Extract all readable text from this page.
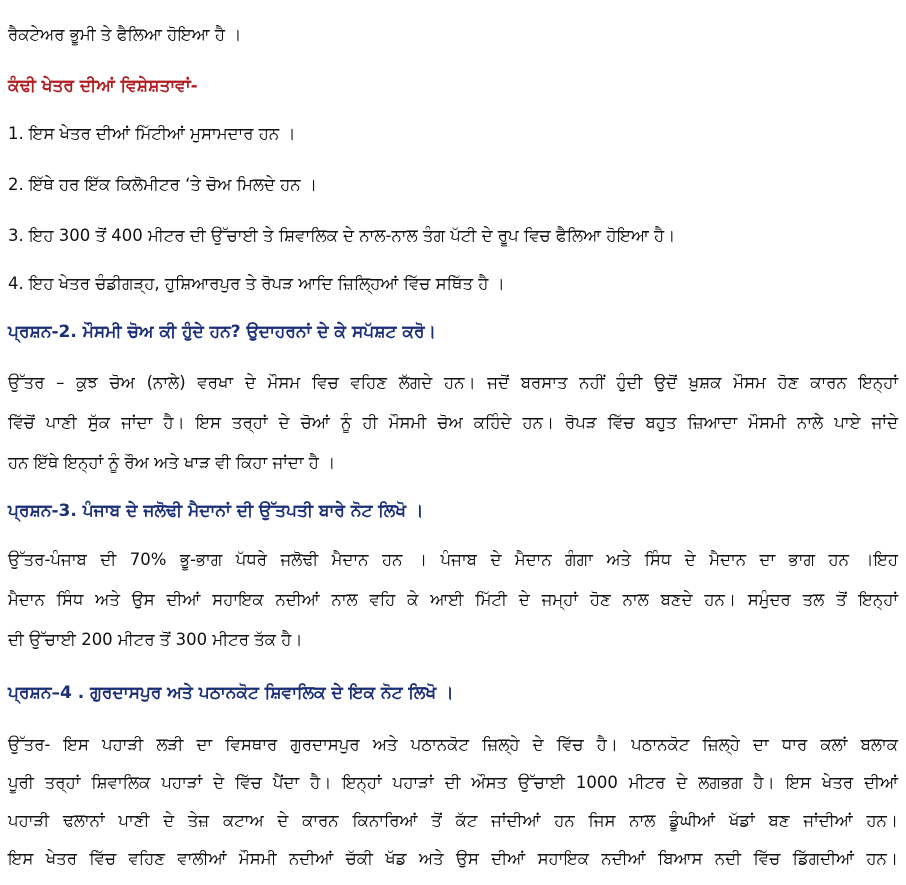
ਰੈਕਟੇਅਰ ਭੂਮੀ ਤੇ ਫੈਲਿਆ ਹੋਇਆ ਹੈ ।
ਕੰਢੀ ਖੇਤਰ ਦੀਆਂ ਵਿਸ਼ੇਸ਼ਤਾਵਾਂ-
1. ਇਸ ਖੇਤਰ ਦੀਆਂ ਮਿੱਟੀਆਂ ਮੁਸਾਮਦਾਰ ਹਨ ।
2. ਇੱਥੇ ਹਰ ਇੱਕ ਕਿਲੋਮੀਟਰ ‘ਤੇ ਚੋਅ ਮਿਲਦੇ ਹਨ ।
3. ਇਹ 300 ਤੋਂ 400 ਮੀਟਰ ਦੀ ਉੱਚਾਈ ਤੇ ਸ਼ਿਵਾਲਿਕ ਦੇ ਨਾਲ-ਨਾਲ ਤੰਗ ਪੱਟੀ ਦੇ ਰੂਪ ਵਿਚ ਫੈਲਿਆ ਹੋਇਆ ਹੈ।
4. ਇਹ ਖੇਤਰ ਚੰਡੀਗੜ੍ਹ, ਹੁਸ਼ਿਆਰਪੁਰ ਤੇ ਰੋਪੜ ਆਦਿ ਜ਼ਿਲ੍ਹਿਆਂ ਵਿੱਚ ਸਥਿੱਤ ਹੈ ।
ਪ੍ਰਸ਼ਨ-2. ਮੌਸਮੀ ਚੋਅ ਕੀ ਹੁੰਦੇ ਹਨ? ਉਦਾਹਰਨਾਂ ਦੇ ਕੇ ਸਪੱਸ਼ਟ ਕਰੋ।
ਉੱਤਰ – ਕੁਝ ਚੋਅ (ਨਾਲੇ) ਵਰਖਾ ਦੇ ਮੌਸਮ ਵਿਚ ਵਹਿਣ ਲੱਗਦੇ ਹਨ। ਜਦੋਂ ਬਰਸਾਤ ਨਹੀਂ ਹੁੰਦੀ ਉਦੋਂ ਖ਼ੁਸ਼ਕ ਮੌਸਮ ਹੋਣ ਕਾਰਨ ਇਨ੍ਹਾਂ
ਵਿੱਚੋਂ ਪਾਣੀ ਸੁੱਕ ਜਾਂਦਾ ਹੈ। ਇਸ ਤਰ੍ਹਾਂ ਦੇ ਚੋਆਂ ਨੂੰ ਹੀ ਮੌਸਮੀ ਚੋਅ ਕਹਿੰਦੇ ਹਨ। ਰੋਪੜ ਵਿੱਚ ਬਹੁਤ ਜ਼ਿਆਦਾ ਮੌਸਮੀ ਨਾਲੇ ਪਾਏ ਜਾਂਦੇ
ਹਨ ਇੱਥੇ ਇਨ੍ਹਾਂ ਨੂੰ ਰੌਅ ਅਤੇ ਖਾੜ ਵੀ ਕਿਹਾ ਜਾਂਦਾ ਹੈ ।
ਪ੍ਰਸ਼ਨ-3. ਪੰਜਾਬ ਦੇ ਜਲੋਢੀ ਮੈਦਾਨਾਂ ਦੀ ਉੱਤਪਤੀ ਬਾਰੇ ਨੋਟ ਲਿਖੋ ।
ਉੱਤਰ-ਪੰਜਾਬ ਦੀ 70% ਭੂ-ਭਾਗ ਪੱਧਰੇ ਜਲੋਢੀ ਮੈਦਾਨ ਹਨ । ਪੰਜਾਬ ਦੇ ਮੈਦਾਨ ਗੰਗਾ ਅਤੇ ਸਿੰਧ ਦੇ ਮੈਦਾਨ ਦਾ ਭਾਗ ਹਨ ।ਇਹ
ਮੈਦਾਨ ਸਿੰਧ ਅਤੇ ਉਸ ਦੀਆਂ ਸਹਾਇਕ ਨਦੀਆਂ ਨਾਲ ਵਹਿ ਕੇ ਆਈ ਮਿੱਟੀ ਦੇ ਜਮ੍ਹਾਂ ਹੋਣ ਨਾਲ ਬਣਦੇ ਹਨ। ਸਮੁੰਦਰ ਤਲ ਤੋਂ ਇਨ੍ਹਾਂ
ਦੀ ਉੱਚਾਈ 200 ਮੀਟਰ ਤੋਂ 300 ਮੀਟਰ ਤੱਕ ਹੈ।
ਪ੍ਰਸ਼ਨ–4 . ਗੁਰਦਾਸਪੁਰ ਅਤੇ ਪਠਾਨਕੋਟ ਸ਼ਿਵਾਲਿਕ ਦੇ ਇਕ ਨੋਟ ਲਿਖੋ ।
ਉੱਤਰ- ਇਸ ਪਹਾੜੀ ਲੜੀ ਦਾ ਵਿਸਥਾਰ ਗੁਰਦਾਸਪੁਰ ਅਤੇ ਪਠਾਨਕੋਟ ਜ਼ਿਲ੍ਹੇ ਦੇ ਵਿੱਚ ਹੈ। ਪਠਾਨਕੋਟ ਜ਼ਿਲ੍ਹੇ ਦਾ ਧਾਰ ਕਲਾਂ ਬਲਾਕ
ਪੂਰੀ ਤਰ੍ਹਾਂ ਸ਼ਿਵਾਲਿਕ ਪਹਾੜਾਂ ਦੇ ਵਿੱਚ ਪੈਂਦਾ ਹੈ। ਇਨ੍ਹਾਂ ਪਹਾੜਾਂ ਦੀ ਔਸਤ ਉੱਚਾਈ 1000 ਮੀਟਰ ਦੇ ਲਗਭਗ ਹੈ। ਇਸ ਖੇਤਰ ਦੀਆਂ
ਪਹਾੜੀ ਢਲਾਨਾਂ ਪਾਣੀ ਦੇ ਤੇਜ਼ ਕਟਾਅ ਦੇ ਕਾਰਨ ਕਿਨਾਰਿਆਂ ਤੋਂ ਕੱਟ ਜਾਂਦੀਆਂ ਹਨ ਜਿਸ ਨਾਲ ਡੂੰਘੀਆਂ ਖੱਡਾਂ ਬਣ ਜਾਂਦੀਆਂ ਹਨ।
ਇਸ ਖੇਤਰ ਵਿੱਚ ਵਹਿਣ ਵਾਲੀਆਂ ਮੌਸਮੀ ਨਦੀਆਂ ਚੱਕੀ ਖੱਡ ਅਤੇ ਉਸ ਦੀਆਂ ਸਹਾਇਕ ਨਦੀਆਂ ਬਿਆਸ ਨਦੀ ਵਿੱਚ ਡਿੱਗਦੀਆਂ ਹਨ।
